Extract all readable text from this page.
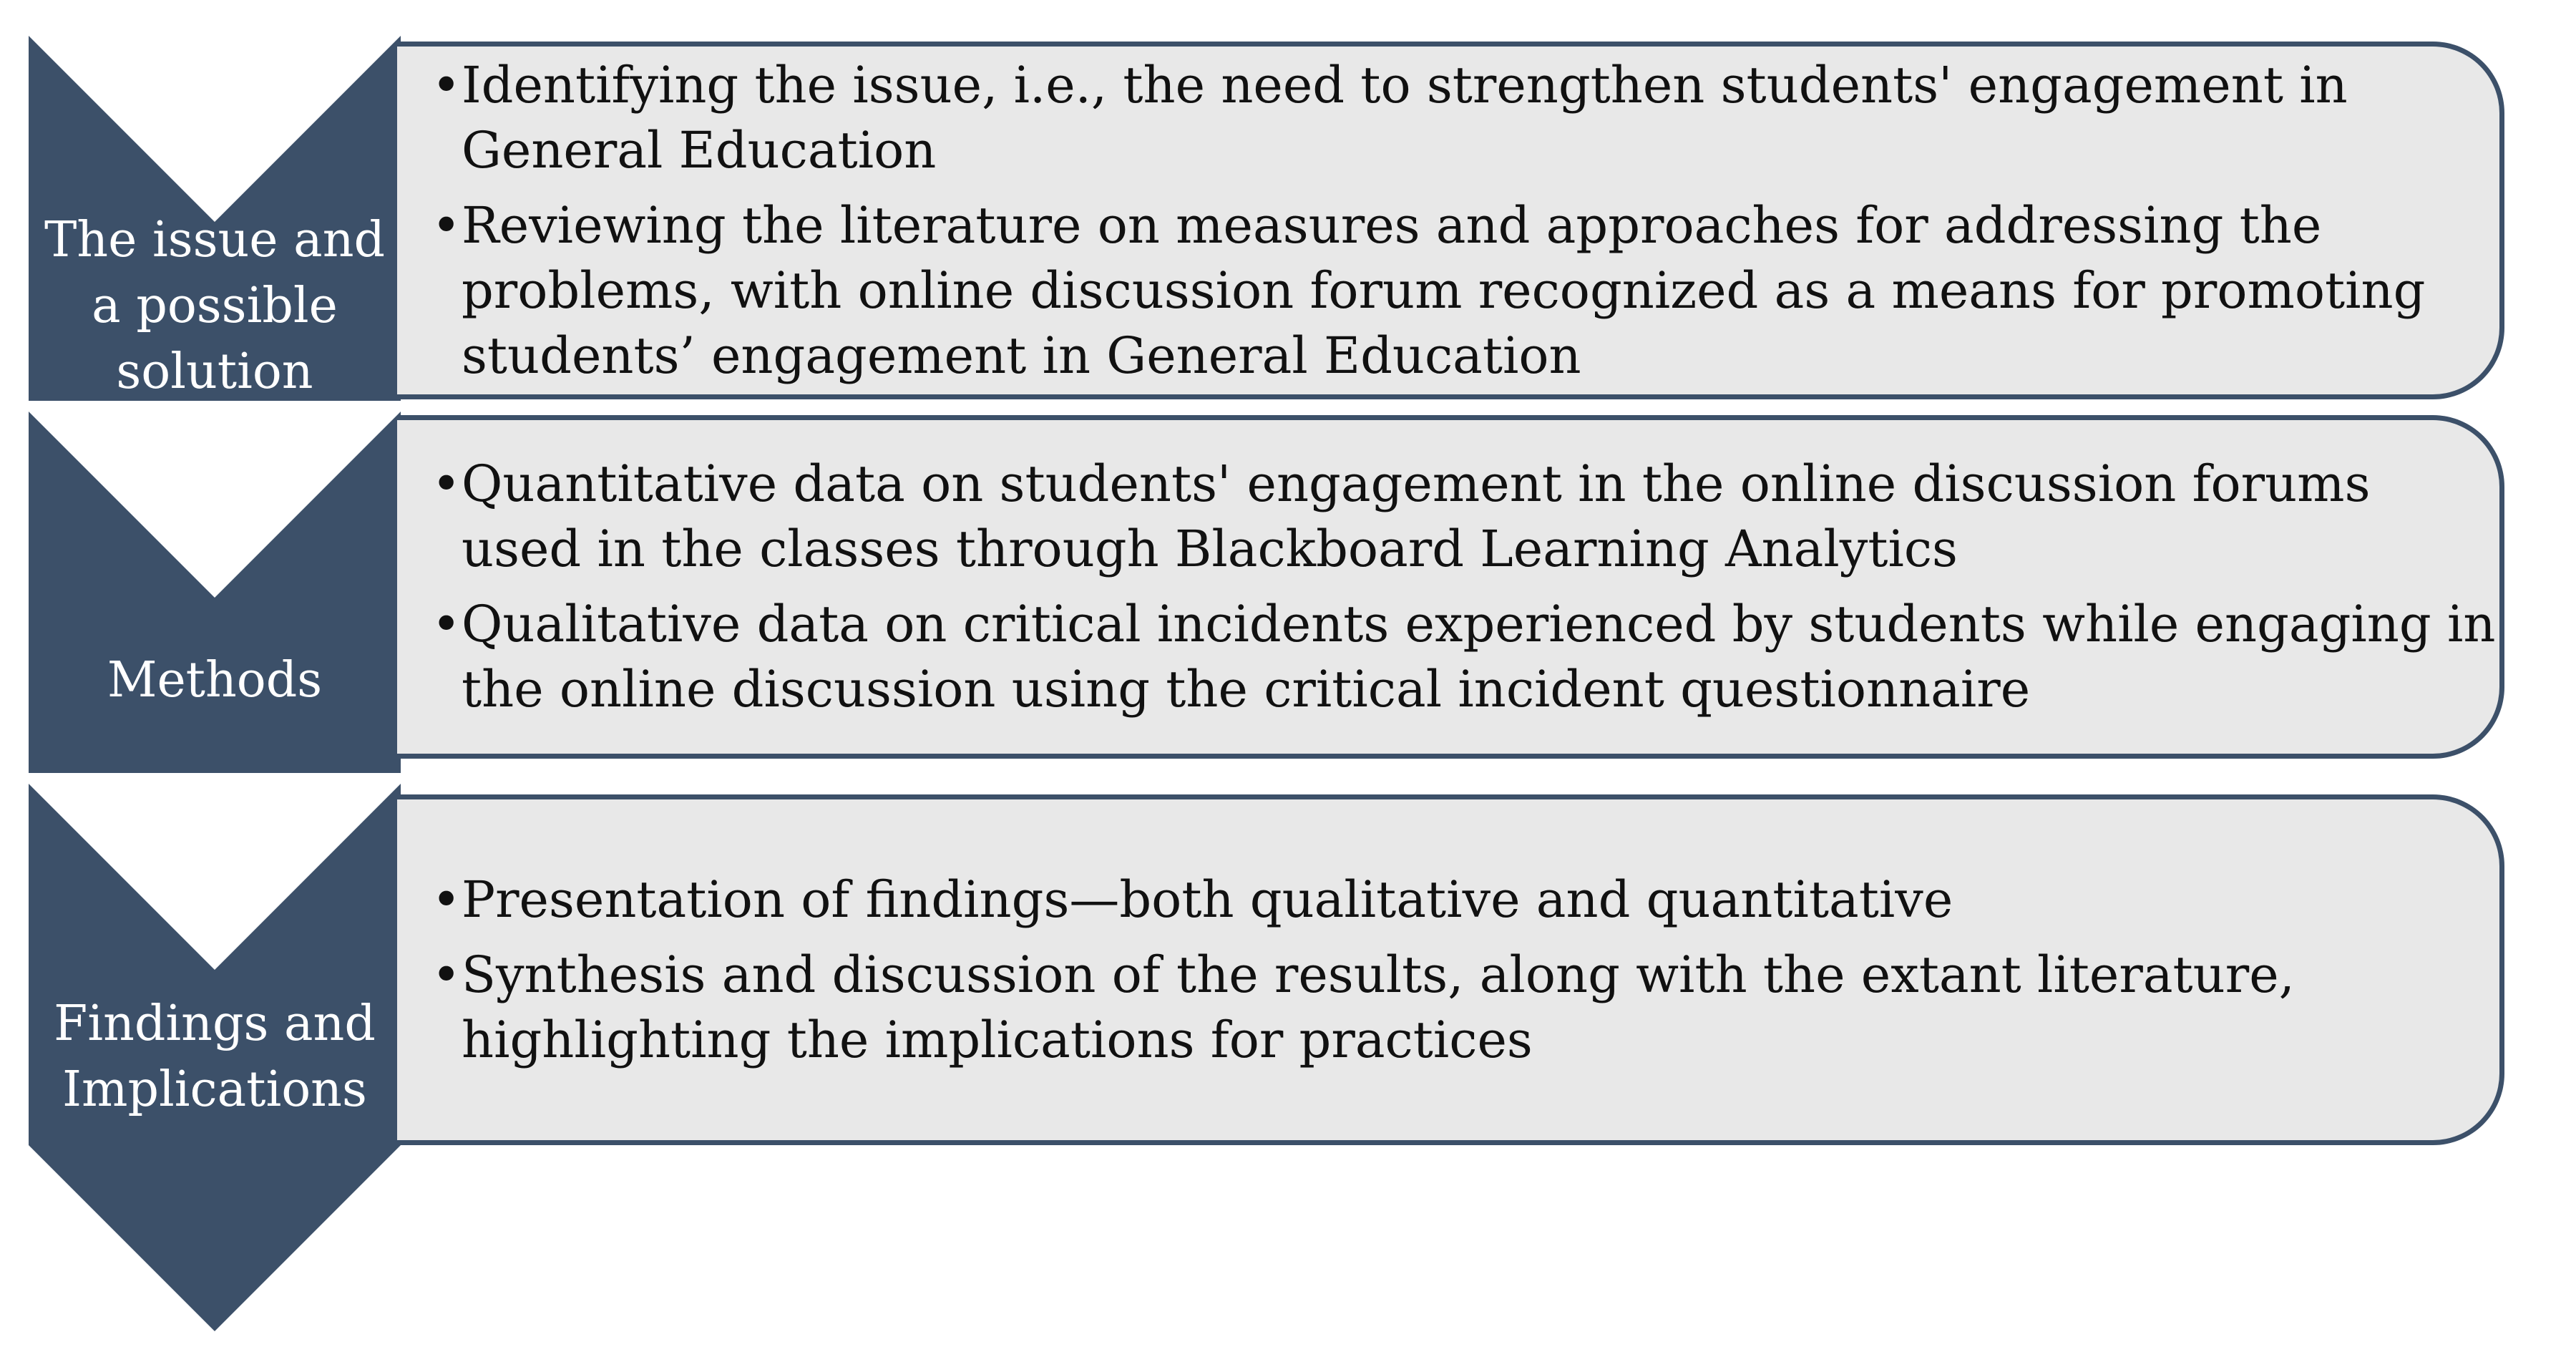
The issue and a possible solution
Methods
Findings and Implications
• Identifying the issue, i.e., the need to strengthen students' engagement in General Education
• Reviewing the literature on measures and approaches for addressing the problems, with online discussion forum recognized as a means for promoting students’ engagement in General Education
• Quantitative data on students' engagement in the online discussion forums used in the classes through Blackboard Learning Analytics
• Qualitative data on critical incidents experienced by students while engaging in the online discussion using the critical incident questionnaire
• Presentation of findings—both qualitative and quantitative
• Synthesis and discussion of the results, along with the extant literature, highlighting the implications for practices
